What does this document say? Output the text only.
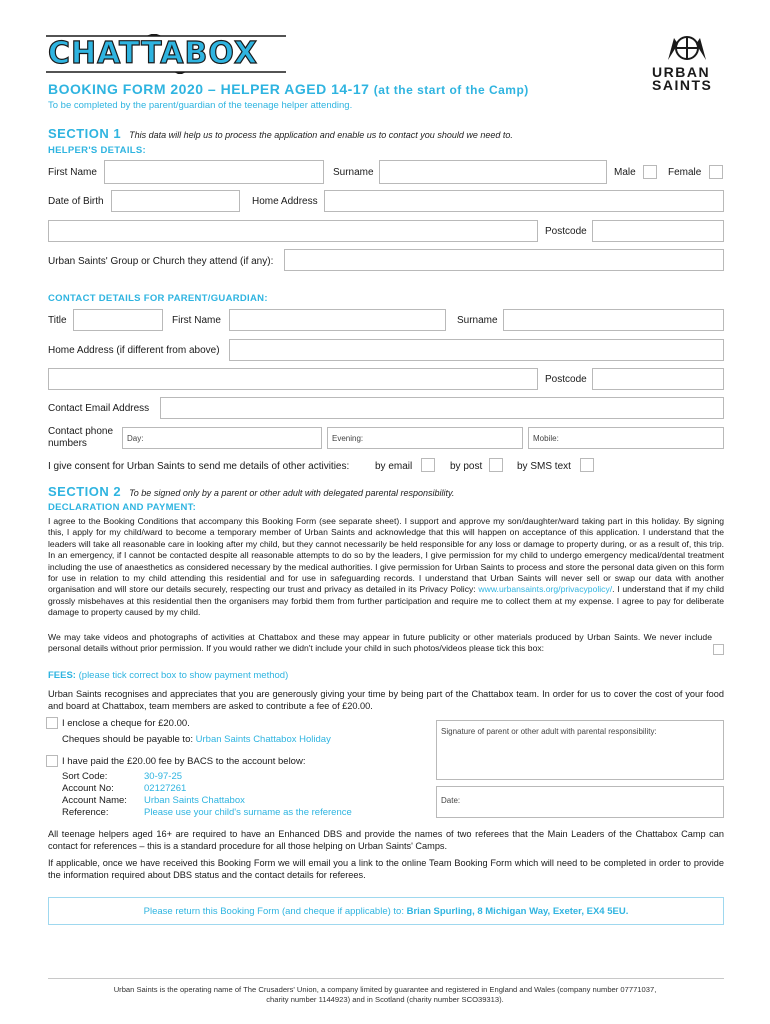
CHATTABOX
BOOKING FORM 2020 – HELPER AGED 14-17 (at the start of the Camp)
To be completed by the parent/guardian of the teenage helper attending.
URBAN
SAINTS
SECTION 1 This data will help us to process the application and enable us to contact you should we need to.
HELPER'S DETAILS:
First Name	Surname	Male	Female
Date of Birth	Home Address
Postcode
Urban Saints' Group or Church they attend (if any):
CONTACT DETAILS FOR PARENT/GUARDIAN:
Title	First Name	Surname
Home Address (if different from above)
Postcode
Contact Email Address
Contact phone
numbers	Day:	Evening:	Mobile:
I give consent for Urban Saints to send me details of other activities:	by email	by post	by SMS text
SECTION 2 To be signed only by a parent or other adult with delegated parental responsibility.
DECLARATION AND PAYMENT:
I agree to the Booking Conditions that accompany this Booking Form (see separate sheet). I support and approve my son/daughter/ward taking part in this holiday. By signing this, I apply for my child/ward to become a temporary member of Urban Saints and acknowledge that this will happen on acceptance of this application. I understand that the leaders will take all reasonable care in looking after my child, but they cannot necessarily be held responsible for any loss or damage to property during, or as a result of, this trip. In an emergency, if I cannot be contacted despite all reasonable attempts to do so by the leaders, I give permission for my child to undergo emergency medical/dental treatment including the use of anaesthetics as considered necessary by the medical authorities. I give permission for Urban Saints to process and store the personal data given on this form for use in relation to my child attending this residential and for use in safeguarding records. I understand that Urban Saints will never sell or swap our data with another organisation and will store our details securely, respecting our trust and privacy as detailed in its Privacy Policy: www.urbansaints.org/privacypolicy/. I understand that if my child grossly misbehaves at this residential then the organisers may forbid them from further participation and require me to collect them at my expense. I agree to pay for deliberate damage to property caused by my child.
We may take videos and photographs of activities at Chattabox and these may appear in future publicity or other materials produced by Urban Saints. We never include personal details without prior permission. If you would rather we didn't include your child in such photos/videos please tick this box:
FEES: (please tick correct box to show payment method)
Urban Saints recognises and appreciates that you are generously giving your time by being part of the Chattabox team. In order for us to cover the cost of your food and board at Chattabox, team members are asked to contribute a fee of £20.00.
I enclose a cheque for £20.00.
Cheques should be payable to: Urban Saints Chattabox Holiday
I have paid the £20.00 fee by BACS to the account below:
Sort Code:	30-97-25
Account No:	02127261
Account Name: Urban Saints Chattabox
Reference:	Please use your child's surname as the reference
Signature of parent or other adult with parental responsibility:
Date:
All teenage helpers aged 16+ are required to have an Enhanced DBS and provide the names of two referees that the Main Leaders of the Chattabox Camp can contact for references – this is a standard procedure for all those helping on Urban Saints' Camps.
If applicable, once we have received this Booking Form we will email you a link to the online Team Booking Form which will need to be completed in order to provide the information required about DBS status and the contact details for referees.
Please return this Booking Form (and cheque if applicable) to: Brian Spurling, 8 Michigan Way, Exeter, EX4 5EU.
Urban Saints is the operating name of The Crusaders' Union, a company limited by guarantee and registered in England and Wales (company number 07771037,
charity number 1144923) and in Scotland (charity number SCO39313).
